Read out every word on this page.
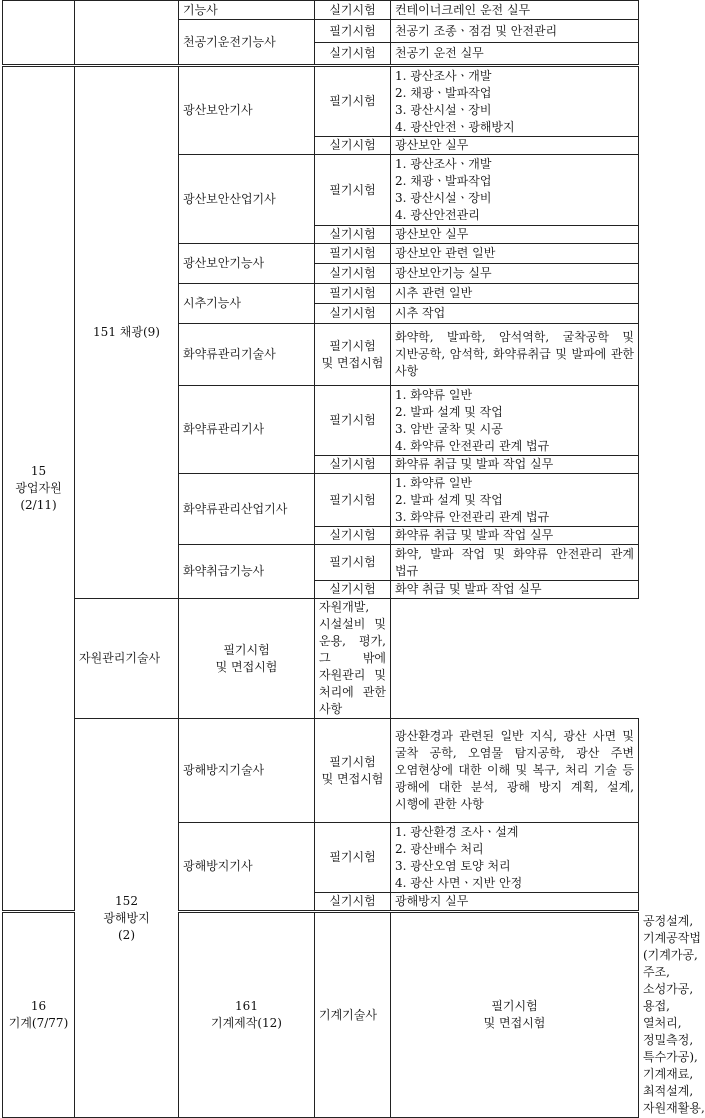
		기능사	실기시험	컨테이너크레인 운전 실무	
		천공기운전기능사	필기시험	천공기 조종ㆍ점검 및 안전관리	
			실기시험	천공기 운전 실무	

15
광업자원
(2/11)	151 채광(9)	광산보안기사	필기시험	1. 광산조사ㆍ개발
2. 채광ㆍ발파작업
3. 광산시설ㆍ장비
4. 광산안전ㆍ광해방지	

			실기시험	광산보안 실무	
		광산보안산업기사	필기시험	1. 광산조사ㆍ개발
2. 채광ㆍ발파작업
3. 광산시설ㆍ장비
4. 광산안전관리	

			실기시험	광산보안 실무	
		광산보안기능사	필기시험	광산보안 관련 일반	
			실기시험	광산보안기능 실무	
		시추기능사	필기시험	시추 관련 일반	
			실기시험	시추 작업	
		화약류관리기술사	필기시험
및 면접시험	화약학, 발파학, 암석역학, 굴착공학 및 지반공학, 암석학, 화약류취급 및 발파에 관한 사항	
		화약류관리기사	필기시험	1. 화약류 일반
2. 발파 설계 및 작업
3. 암반 굴착 및 시공
4. 화약류 안전관리 관계 법규	

			실기시험	화약류 취급 및 발파 작업 실무	
		화약류관리산업기사	필기시험	1. 화약류 일반
2. 발파 설계 및 작업
3. 화약류 안전관리 관계 법규	

			실기시험	화약류 취급 및 발파 작업 실무	
		화약취급기능사	필기시험	화약, 발파 작업 및 화약류 안전관리 관계 법규	
			실기시험	화약 취급 및 발파 작업 실무	
	자원관리기술사	필기시험
및 면접시험	자원개발, 시설설비 및 운용, 평가, 그 밖에 자원관리 및 처리에 관한 사항		

	152
광해방지
(2)	광해방지기술사	필기시험
및 면접시험	광산환경과 관련된 일반 지식, 광산 사면 및 굴착 공학, 오염물 탐지공학, 광산 주변 오염현상에 대한 이해 및 복구, 처리 기술 등 광해에 대한 분석, 광해 방지 계획, 설계, 시행에 관한 사항	
		광해방지기사	필기시험	1. 광산환경 조사ㆍ설계
2. 광산배수 처리
3. 광산오염 토양 처리
4. 광산 사면ㆍ지반 안정	

			실기시험	광해방지 실무	

16
기계(7/77)		161
기계제작(12)	기계기술사	필기시험
및 면접시험	공정설계, 기계공작법(기계가공, 주조, 소성가공, 용접, 열처리, 정밀측정, 특수가공), 기계재료, 최적설계, 자원재활용,
